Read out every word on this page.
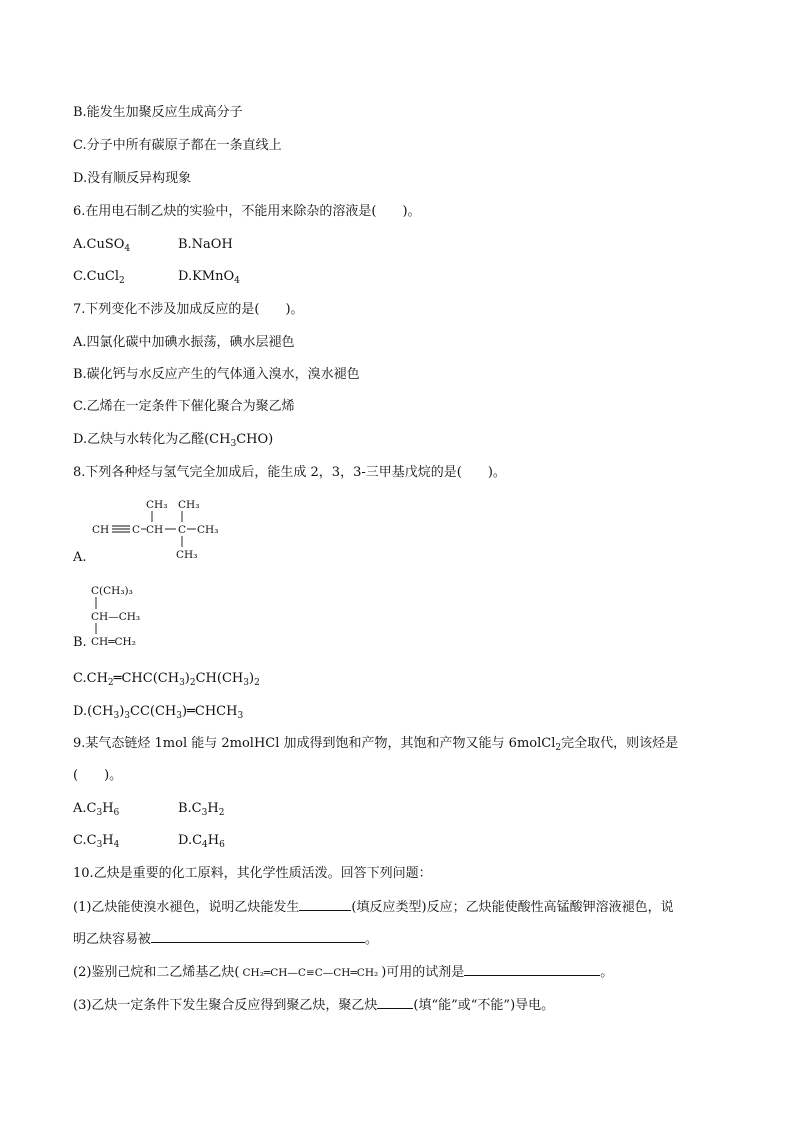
B.能发生加聚反应生成高分子
C.分子中所有碳原子都在一条直线上
D.没有顺反异构现象
6.在用电石制乙炔的实验中，不能用来除杂的溶液是(　　)。
A.CuSO$_4$	B.NaOH
C.CuCl$_2$	D.KMnO$_4$
7.下列变化不涉及加成反应的是(　　)。
A.四氯化碳中加碘水振荡，碘水层褪色
B.碳化钙与水反应产生的气体通入溴水，溴水褪色
C.乙烯在一定条件下催化聚合为聚乙烯
D.乙炔与水转化为乙醛$(CH_3CHO)$
8.下列各种烃与氢气完全加成后，能生成 2，3，3-三甲基戊烷的是(　　)。
CH₃ CH₃
CH C CH C CH₃
CH₃
A.
C(CH₃)₃
CH—CH₃
CH═CH₂
B.
$C.CH_2═CHC(CH_3)_2CH(CH_3)_2$
$D.(CH_3)_3CC(CH_3)═CHCH_3$
9.某气态链烃 1mol 能与 2molHCl 加成得到饱和产物，其饱和产物又能与 6molCl$_2$完全取代，则该烃是
(　　)。
$A.C_3H_6$	$B.C_3H_2$
$C.C_3H_4$	$D.C_4H_6$
10.乙炔是重要的化工原料，其化学性质活泼。回答下列问题：
(1)乙炔能使溴水褪色，说明乙炔能发生	(填反应类型)反应；乙炔能使酸性高锰酸钾溶液褪色，说
明乙炔容易被	。
(2)鉴别己烷和二乙烯基乙炔( CH₂═CH—C≡C—CH═CH₂ )可用的试剂是	。
(3)乙炔一定条件下发生聚合反应得到聚乙炔，聚乙炔	(填“能”或“不能”)导电。
